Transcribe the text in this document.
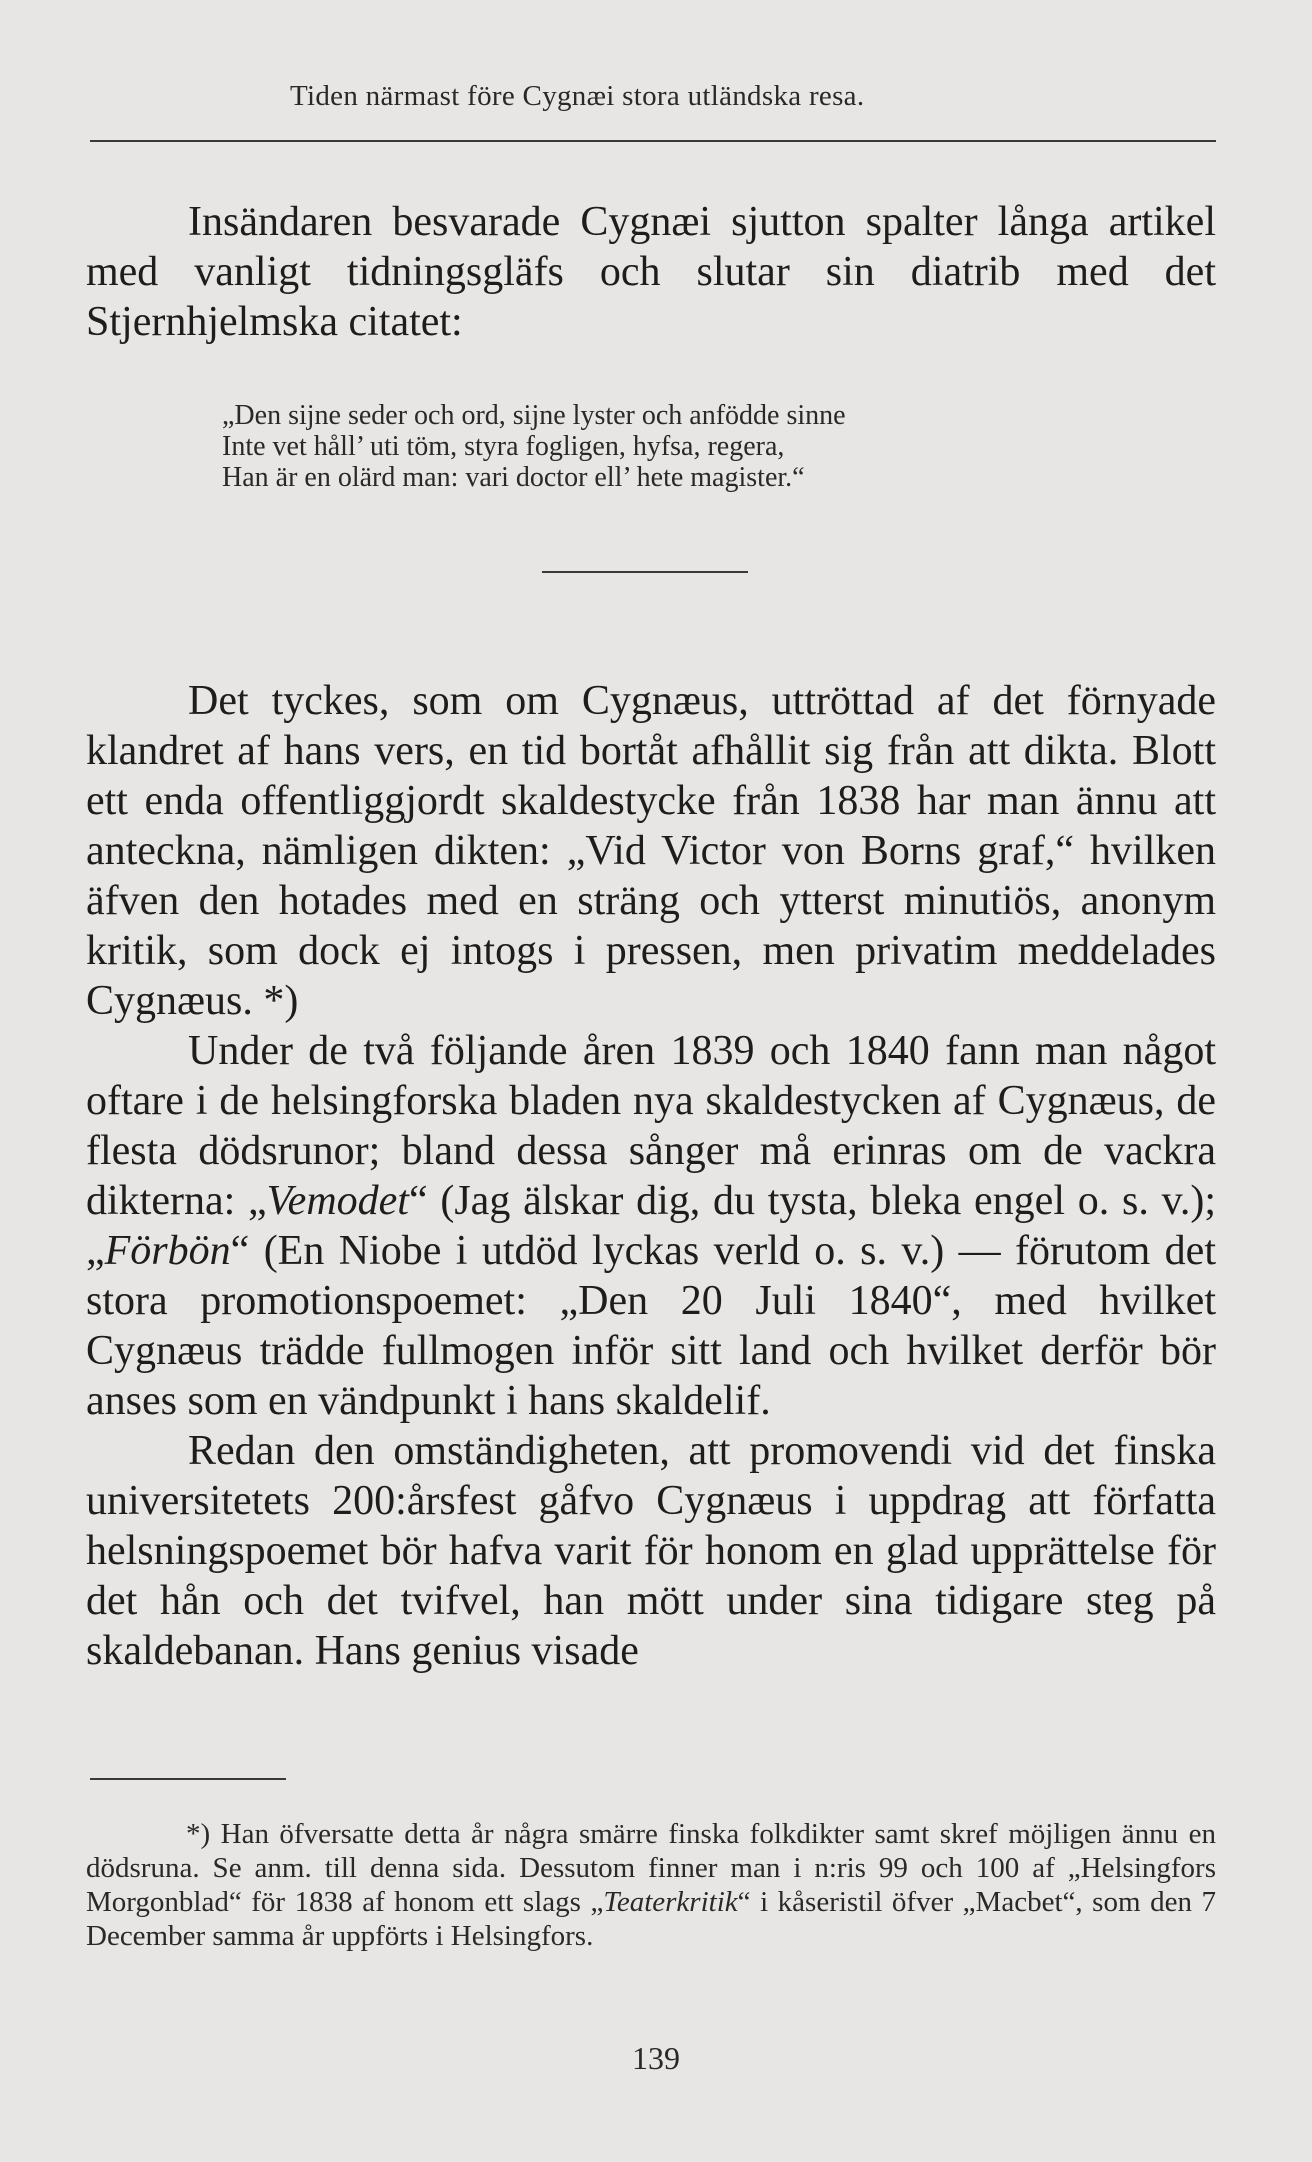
Tiden närmast före Cygnæi stora utländska resa.

Insändaren besvarade Cygnæi sjutton spalter långa artikel med vanligt tidningsgläfs och slutar sin diatrib med det Stjernhjelmska citatet:

„Den sijne seder och ord, sijne lyster och anfödde sinne
Inte vet håll’ uti töm, styra fogligen, hyfsa, regera,
Han är en olärd man: vari doctor ell’ hete magister.“

Det tyckes, som om Cygnæus, uttröttad af det förnyade klandret af hans vers, en tid bortåt afhållit sig från att dikta. Blott ett enda offentliggjordt skaldestycke från 1838 har man ännu att anteckna, nämligen dikten: „Vid Victor von Borns graf,“ hvilken äfven den hotades med en sträng och ytterst minutiös, anonym kritik, som dock ej intogs i pressen, men privatim meddelades Cygnæus. *)

Under de två följande åren 1839 och 1840 fann man något oftare i de helsingforska bladen nya skaldestycken af Cygnæus, de flesta dödsrunor; bland dessa sånger må erinras om de vackra dikterna: „Vemodet“ (Jag älskar dig, du tysta, bleka engel o. s. v.); „Förbön“ (En Niobe i utdöd lyckas verld o. s. v.) — förutom det stora promotionspoemet: „Den 20 Juli 1840“, med hvilket Cygnæus trädde fullmogen inför sitt land och hvilket derför bör anses som en vändpunkt i hans skaldelif.

Redan den omständigheten, att promovendi vid det finska universitetets 200:årsfest gåfvo Cygnæus i uppdrag att författa helsningspoemet bör hafva varit för honom en glad upprättelse för det hån och det tvifvel, han mött under sina tidigare steg på skaldebanan. Hans genius visade

*) Han öfversatte detta år några smärre finska folkdikter samt skref möjligen ännu en dödsruna. Se anm. till denna sida. Dessutom finner man i n:ris 99 och 100 af „Helsingfors Morgonblad“ för 1838 af honom ett slags „Teaterkritik“ i kåseristil öfver „Macbet“, som den 7 December samma år uppförts i Helsingfors.

139
